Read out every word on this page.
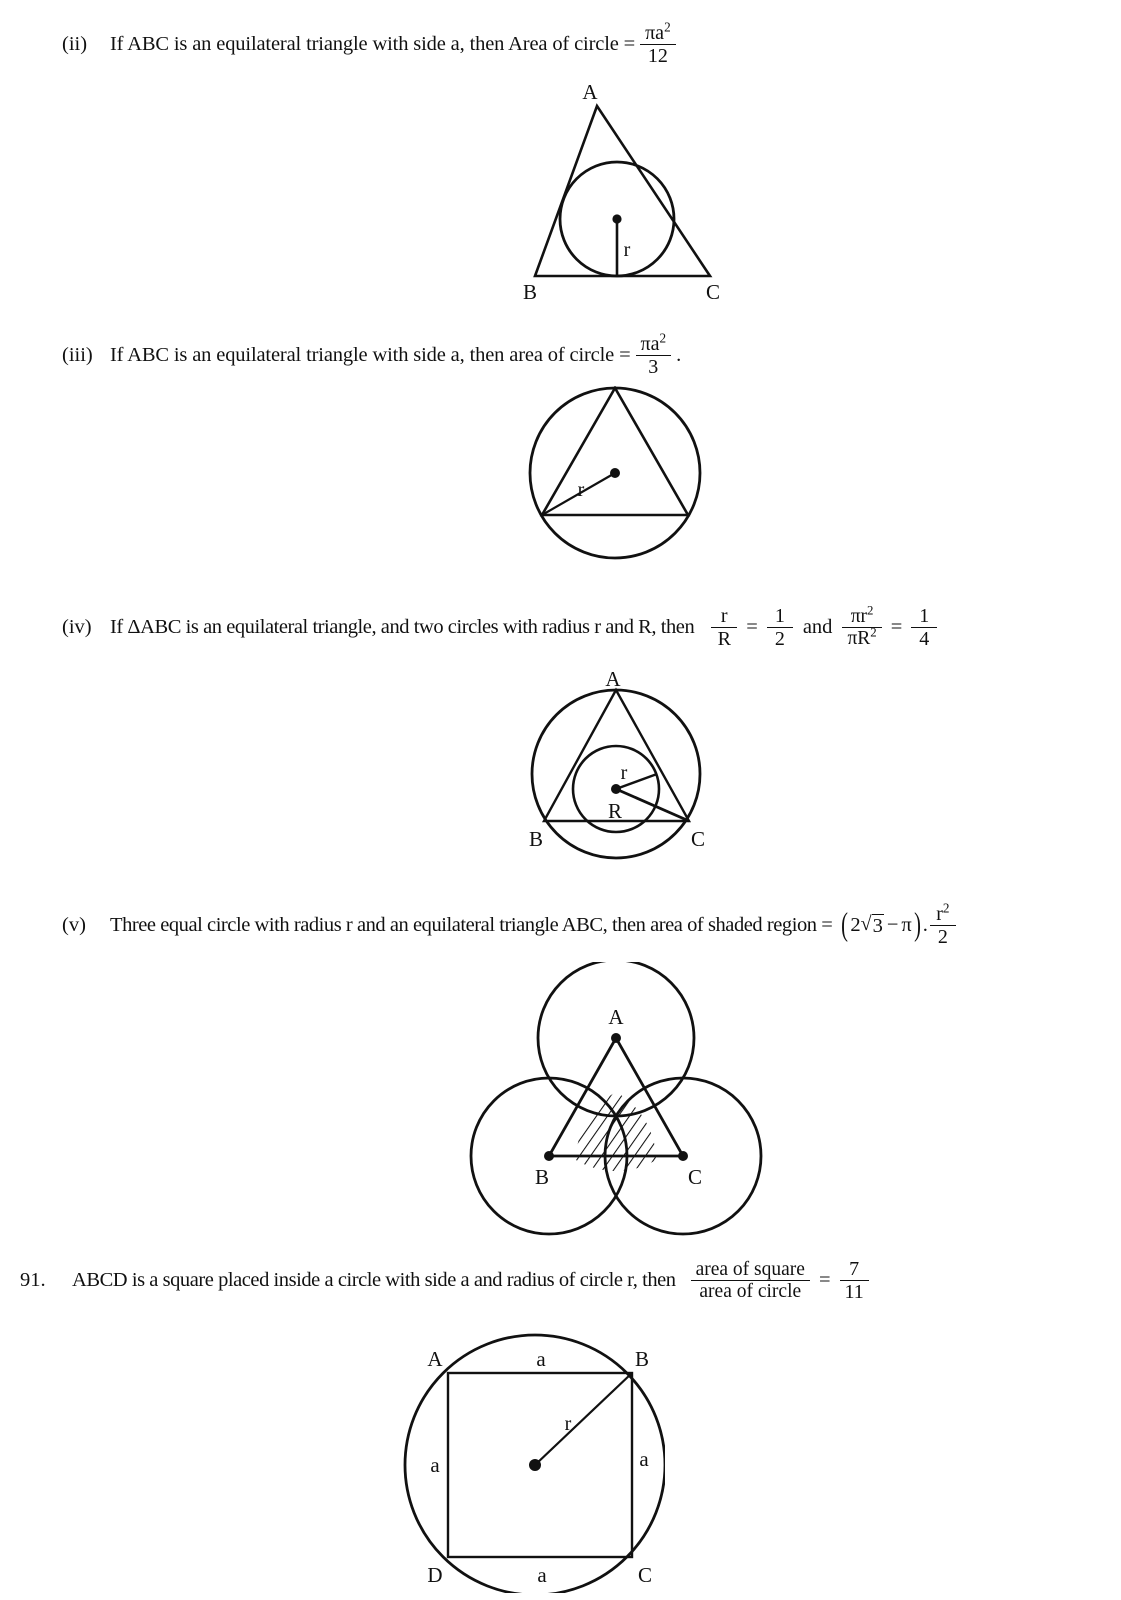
(ii)	If ABC is an equilateral triangle with side a, then Area of circle = $\frac{\pi a^2}{12}$
A
B	C
r
(iii) If ABC is an equilateral triangle with side a, then area of circle = $\frac{\pi a^2}{3}$ .
r
(iv) If ΔABC is an equilateral triangle, and two circles with radius r and R, then $\frac{r}{R} = \frac{1}{2}$ and $\frac{\pi r^2}{\pi R^2} = \frac{1}{4}$
A
B	C
r
R
(v)	Three equal circle with radius r and an equilateral triangle ABC, then area of shaded region = ( 2 √ 3 − π ) . $\frac{r^2}{2}$
A
B	C
91.	ABCD is a square placed inside a circle with side a and radius of circle r, then $\frac{\text{area of square}}{\text{area of circle}} = \frac{7}{11}$
A	B
C
D
a
a
a	a
r
